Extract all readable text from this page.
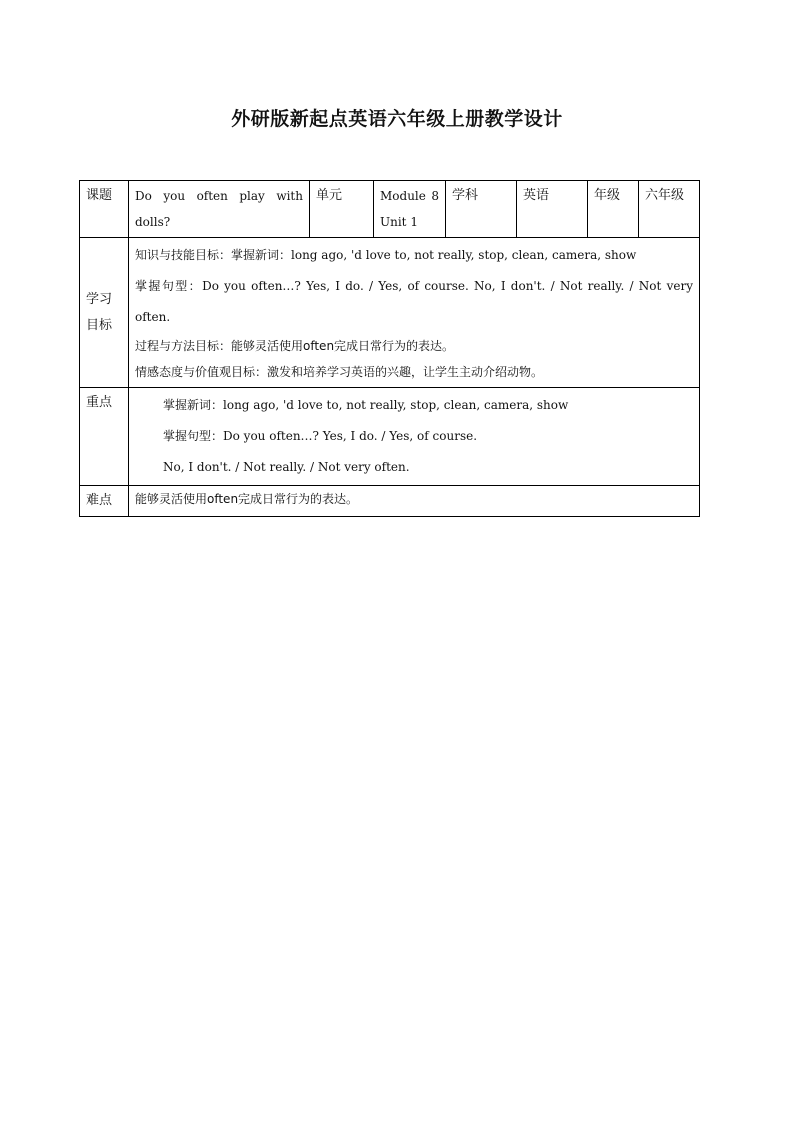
外研版新起点英语六年级上册教学设计
课题	Do you often play with
dolls?	单元	Module 8
Unit 1	学科	英语	年级	六年级

学习
目标	知识与技能目标：掌握新词：long ago, 'd love to, not really, stop, clean, camera, show
掌握句型：Do you often…? Yes, I do. / Yes, of course. No, I don't. / Not really. / Not very
often.
过程与方法目标：能够灵活使用often完成日常行为的表达。
情感态度与价值观目标：激发和培养学习英语的兴趣，让学生主动介绍动物。						

重点	掌握新词：long ago, 'd love to, not really, stop, clean, camera, show
掌握句型：Do you often…? Yes, I do. / Yes, of course.
No, I don't. / Not really. / Not very often.						

难点	能够灵活使用often完成日常行为的表达。						
